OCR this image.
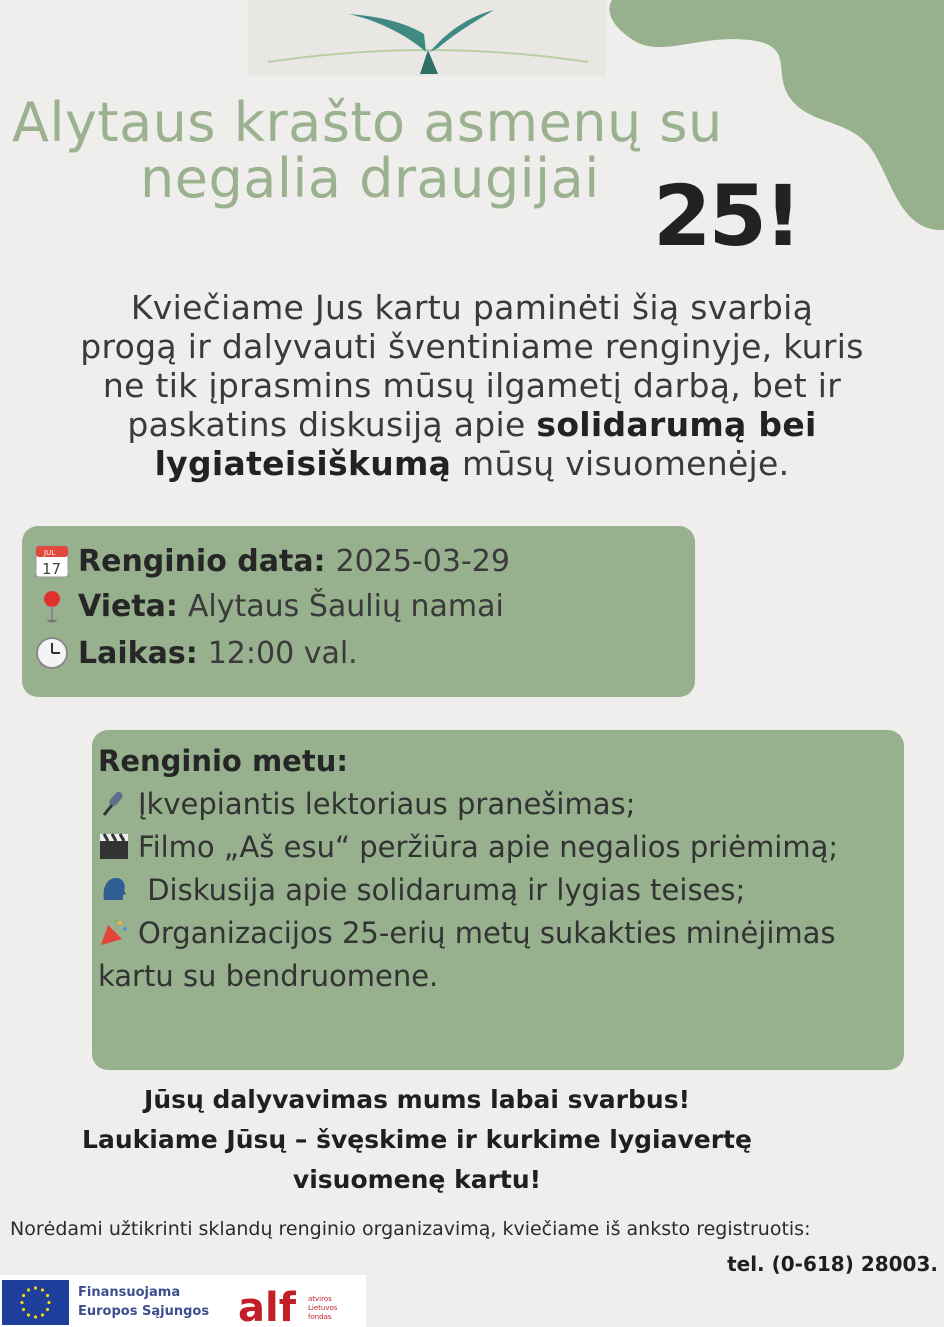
Alytaus krašto asmenų su
negalia draugijai 25!
Kviečiame Jus kartu paminėti šią svarbią
progą ir dalyvauti šventiniame renginyje, kuris
ne tik įprasmins mūsų ilgametį darbą, bet ir
paskatins diskusiją apie solidarumą bei
lygiateisiškumą mūsų visuomenėje.
JUL
17 Renginio data: 2025-03-29
Vieta: Alytaus Šaulių namai
Laikas: 12:00 val.
Renginio metu:
Įkvepiantis lektoriaus pranešimas;
Filmo „Aš esu“ peržiūra apie negalios priėmimą;
Diskusija apie solidarumą ir lygias teises;
Organizacijos 25-erių metų sukakties minėjimas
kartu su bendruomene.
Jūsų dalyvavimas mums labai svarbus!
Laukiame Jūsų – švęskime ir kurkime lygiavertę
visuomenę kartu!
Norėdami užtikrinti sklandų renginio organizavimą, kviečiame iš anksto registruotis:
tel. (0-618) 28003.
Finansuojama
Europos Sąjungos alf atviros
Lietuvos
fondas
